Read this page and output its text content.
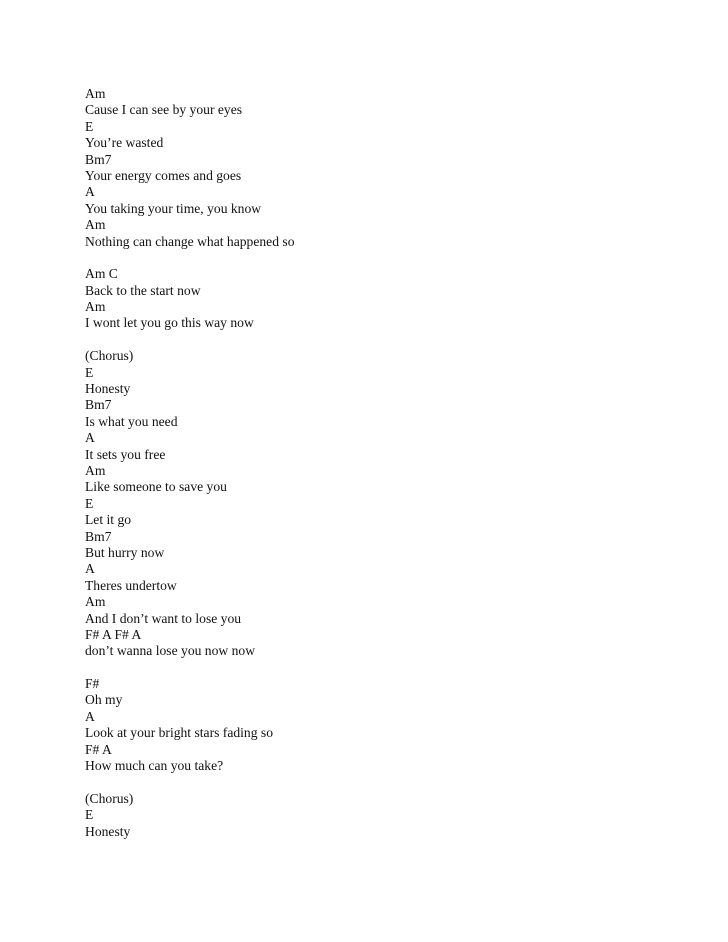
Am
Cause I can see by your eyes
E
You’re wasted
Bm7
Your energy comes and goes
A
You taking your time, you know
Am
Nothing can change what happened so
Am C
Back to the start now
Am
I wont let you go this way now
(Chorus)
E
Honesty
Bm7
Is what you need
A
It sets you free
Am
Like someone to save you
E
Let it go
Bm7
But hurry now
A
Theres undertow
Am
And I don’t want to lose you
F# A F# A
don’t wanna lose you now now
F#
Oh my
A
Look at your bright stars fading so
F# A
How much can you take?
(Chorus)
E
Honesty
